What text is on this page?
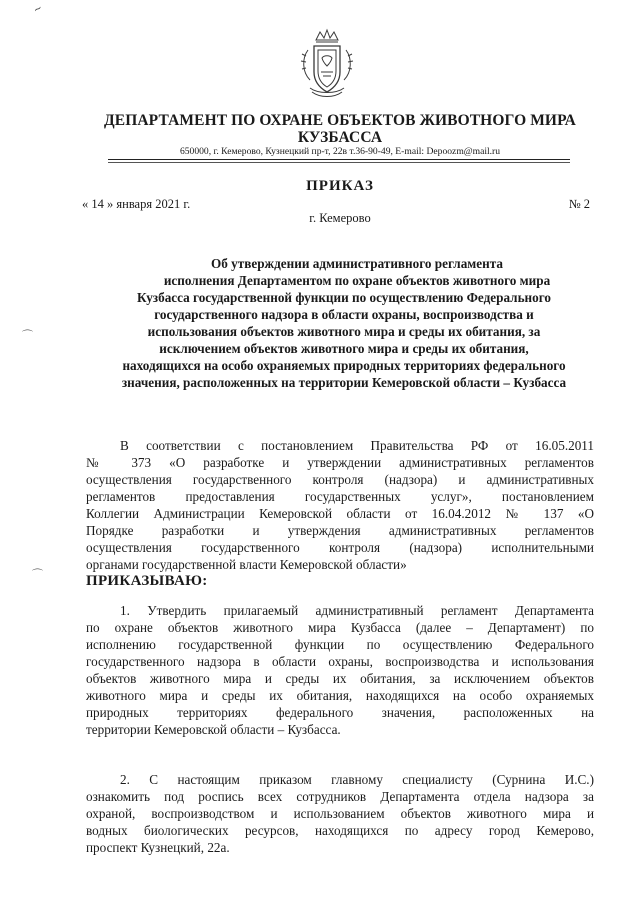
~
⌒
⌒
ДЕПАРТАМЕНТ ПО ОХРАНЕ ОБЪЕКТОВ ЖИВОТНОГО МИРА
КУЗБАССА
650000, г. Кемерово, Кузнецкий пр-т, 22в т.36-90-49, E-mail: Depoozm@mail.ru
ПРИКАЗ
« 14 » января 2021 г.	№ 2
г. Кемерово
Об утверждении административного регламента
исполнения Департаментом по охране объектов животного мира
Кузбасса государственной функции по осуществлению Федерального
государственного надзора в области охраны, воспроизводства и
использования объектов животного мира и среды их обитания, за
исключением объектов животного мира и среды их обитания,
находящихся на особо охраняемых природных территориях федерального
значения, расположенных на территории Кемеровской области – Кузбасса
В соответствии с постановлением Правительства РФ от 16.05.2011
№ 373 «О разработке и утверждении административных регламентов
осуществления государственного контроля (надзора) и административных
регламентов предоставления государственных услуг», постановлением
Коллегии Администрации Кемеровской области от 16.04.2012 № 137 «О
Порядке разработки и утверждения административных регламентов
осуществления государственного контроля (надзора) исполнительными
органами государственной власти Кемеровской области»
ПРИКАЗЫВАЮ:
1. Утвердить прилагаемый административный регламент Департамента
по охране объектов животного мира Кузбасса (далее – Департамент) по
исполнению государственной функции по осуществлению Федерального
государственного надзора в области охраны, воспроизводства и использования
объектов животного мира и среды их обитания, за исключением объектов
животного мира и среды их обитания, находящихся на особо охраняемых
природных территориях федерального значения, расположенных на
территории Кемеровской области – Кузбасса.
2. С настоящим приказом главному специалисту (Сурнина И.С.)
ознакомить под роспись всех сотрудников Департамента отдела надзора за
охраной, воспроизводством и использованием объектов животного мира и
водных биологических ресурсов, находящихся по адресу город Кемерово,
проспект Кузнецкий, 22а.
